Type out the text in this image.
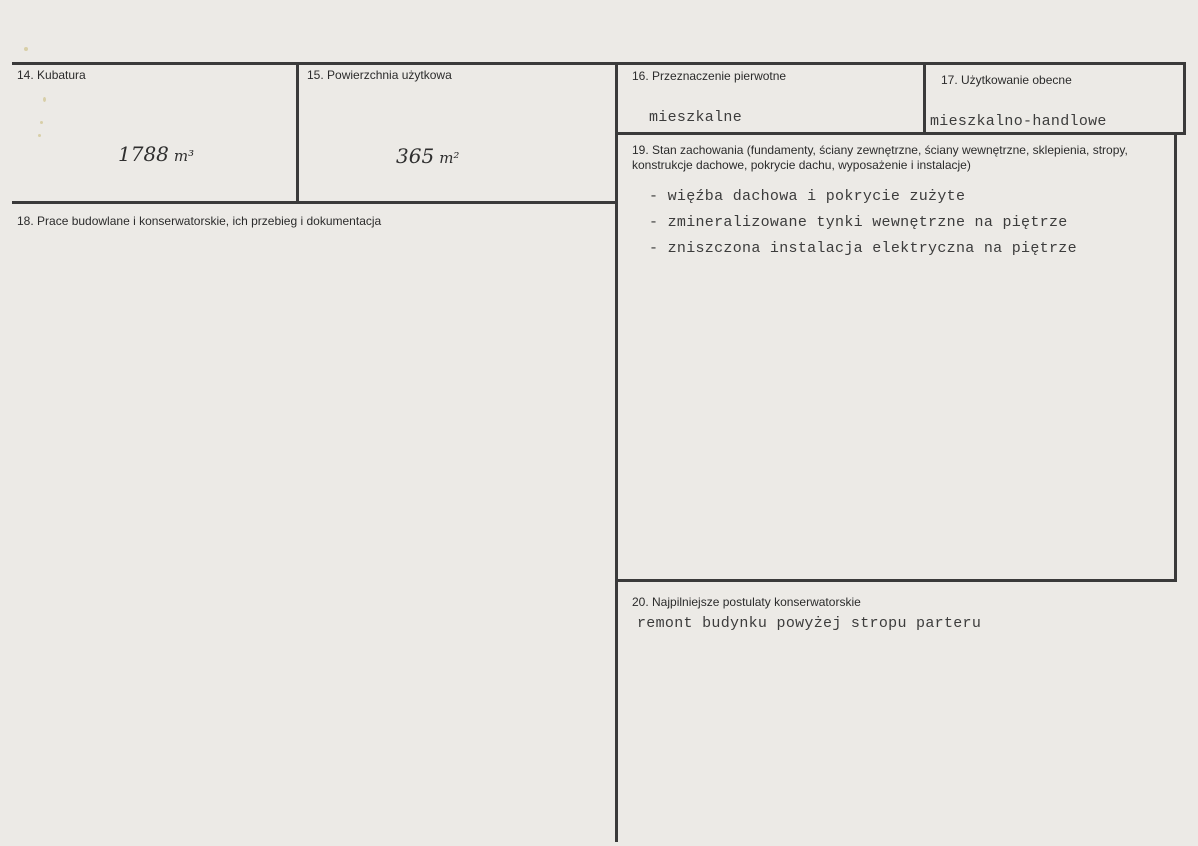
14. Kubatura
1788 m³
15. Powierzchnia użytkowa
365 m²
16. Przeznaczenie pierwotne
mieszkalne
17. Użytkowanie obecne
mieszkalno-handlowe
18. Prace budowlane i konserwatorskie, ich przebieg i dokumentacja
19. Stan zachowania (fundamenty, ściany zewnętrzne, ściany wewnętrzne, sklepienia, stropy, konstrukcje dachowe, pokrycie dachu, wyposażenie i instalacje)
- więźba dachowa i pokrycie zużyte
- zmineralizowane tynki wewnętrzne na piętrze
- zniszczona instalacja elektryczna na piętrze
20. Najpilniejsze postulaty konserwatorskie
remont budynku powyżej stropu parteru
